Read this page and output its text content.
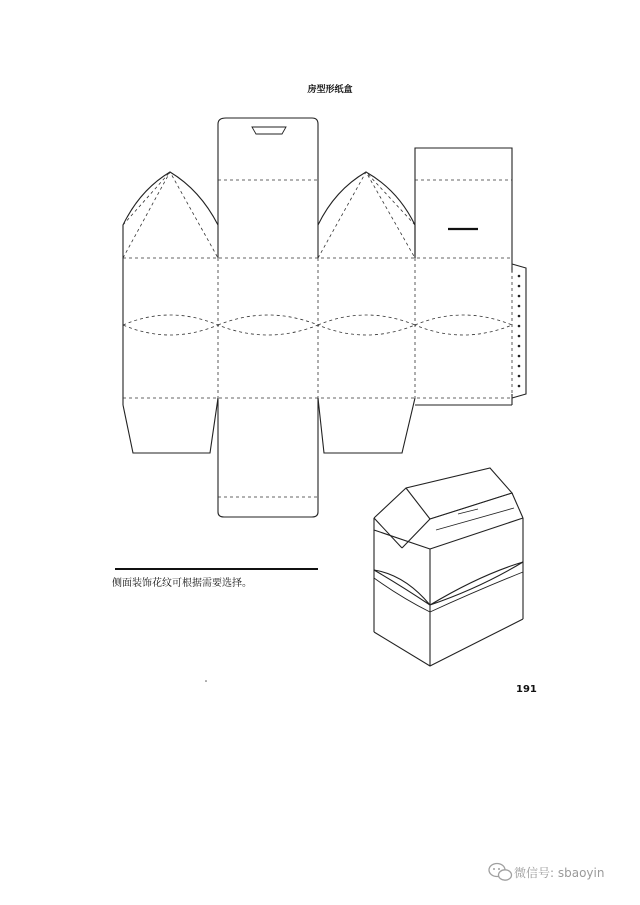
房型形纸盒
侧面装饰花纹可根据需要选择。
191
微信号: sbaoyin
